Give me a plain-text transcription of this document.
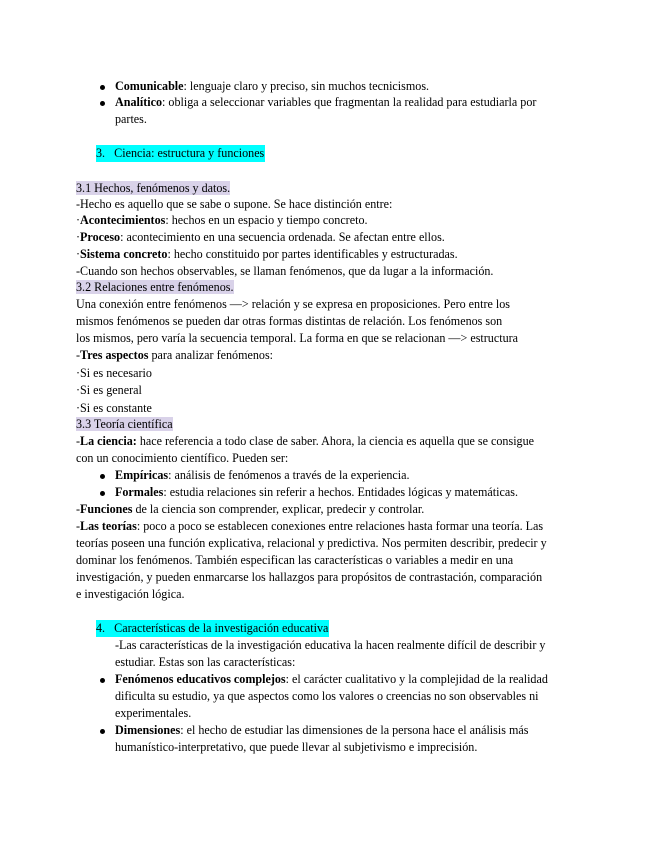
Comunicable: lenguaje claro y preciso, sin muchos tecnicismos.
Analítico: obliga a seleccionar variables que fragmentan la realidad para estudiarla por
partes.
3. Ciencia: estructura y funciones
3.1 Hechos, fenómenos y datos.
-Hecho es aquello que se sabe o supone. Se hace distinción entre:
·Acontecimientos: hechos en un espacio y tiempo concreto.
·Proceso: acontecimiento en una secuencia ordenada. Se afectan entre ellos.
·Sistema concreto: hecho constituido por partes identificables y estructuradas.
-Cuando son hechos observables, se llaman fenómenos, que da lugar a la información.
3.2 Relaciones entre fenómenos.
Una conexión entre fenómenos —> relación y se expresa en proposiciones. Pero entre los
mismos fenómenos se pueden dar otras formas distintas de relación. Los fenómenos son
los mismos, pero varía la secuencia temporal. La forma en que se relacionan —> estructura
-Tres aspectos para analizar fenómenos:
·Si es necesario
·Si es general
·Si es constante
3.3 Teoría científica
-La ciencia: hace referencia a todo clase de saber. Ahora, la ciencia es aquella que se consigue
con un conocimiento científico. Pueden ser:
Empíricas: análisis de fenómenos a través de la experiencia.
Formales: estudia relaciones sin referir a hechos. Entidades lógicas y matemáticas.
-Funciones de la ciencia son comprender, explicar, predecir y controlar.
-Las teorías: poco a poco se establecen conexiones entre relaciones hasta formar una teoría. Las
teorías poseen una función explicativa, relacional y predictiva. Nos permiten describir, predecir y
dominar los fenómenos. También especifican las características o variables a medir en una
investigación, y pueden enmarcarse los hallazgos para propósitos de contrastación, comparación
e investigación lógica.
4. Características de la investigación educativa
-Las características de la investigación educativa la hacen realmente difícil de describir y
estudiar. Estas son las características:
Fenómenos educativos complejos: el carácter cualitativo y la complejidad de la realidad
dificulta su estudio, ya que aspectos como los valores o creencias no son observables ni
experimentales.
Dimensiones: el hecho de estudiar las dimensiones de la persona hace el análisis más
humanístico-interpretativo, que puede llevar al subjetivismo e imprecisión.
